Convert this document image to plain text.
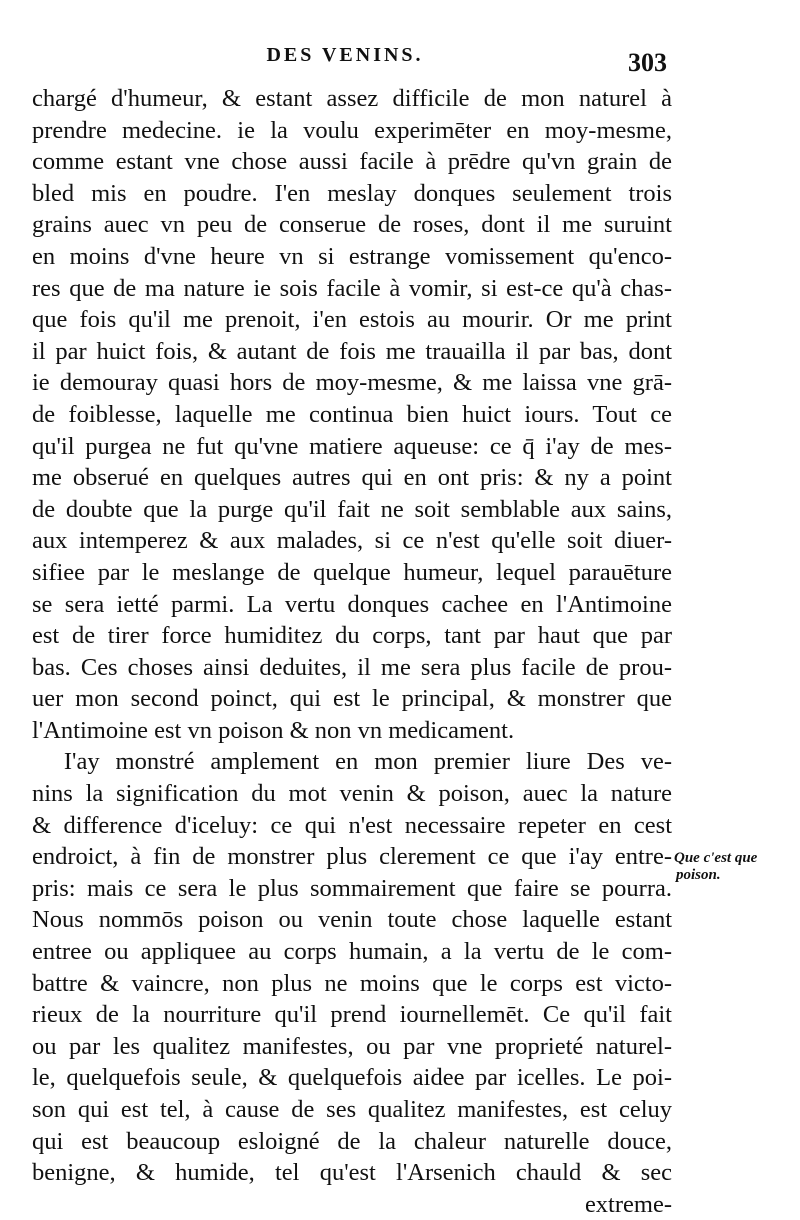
DES VENINS.	303
chargé d'humeur, & estant assez difficile de mon naturel à
prendre medecine. ie la voulu experimēter en moy-mesme,
comme estant vne chose aussi facile à prēdre qu'vn grain de
bled mis en poudre. I'en meslay donques seulement trois
grains auec vn peu de conserue de roses, dont il me suruint
en moins d'vne heure vn si estrange vomissement qu'enco-
res que de ma nature ie sois facile à vomir, si est-ce qu'à chas-
que fois qu'il me prenoit, i'en estois au mourir. Or me print
il par huict fois, & autant de fois me trauailla il par bas, dont
ie demouray quasi hors de moy-mesme, & me laissa vne grā-
de foiblesse, laquelle me continua bien huict iours. Tout ce
qu'il purgea ne fut qu'vne matiere aqueuse: ce q̄ i'ay de mes-
me obserué en quelques autres qui en ont pris: & ny a point
de doubte que la purge qu'il fait ne soit semblable aux sains,
aux intemperez & aux malades, si ce n'est qu'elle soit diuer-
sifiee par le meslange de quelque humeur, lequel parauēture
se sera ietté parmi. La vertu donques cachee en l'Antimoine
est de tirer force humiditez du corps, tant par haut que par
bas. Ces choses ainsi deduites, il me sera plus facile de prou-
uer mon second poinct, qui est le principal, & monstrer que
l'Antimoine est vn poison & non vn medicament.
I'ay monstré amplement en mon premier liure Des ve-
nins la signification du mot venin & poison, auec la nature
& difference d'iceluy: ce qui n'est necessaire repeter en cest
endroict, à fin de monstrer plus clerement ce que i'ay entre-
pris: mais ce sera le plus sommairement que faire se pourra.
Nous nommōs poison ou venin toute chose laquelle estant
entree ou appliquee au corps humain, a la vertu de le com-
battre & vaincre, non plus ne moins que le corps est victo-
rieux de la nourriture qu'il prend iournellemēt. Ce qu'il fait
ou par les qualitez manifestes, ou par vne proprieté naturel-
le, quelquefois seule, & quelquefois aidee par icelles. Le poi-
son qui est tel, à cause de ses qualitez manifestes, est celuy
qui est beaucoup esloigné de la chaleur naturelle douce,
benigne, & humide, tel qu'est l'Arsenich chauld & sec
extreme-
Que c'est que
poison.
